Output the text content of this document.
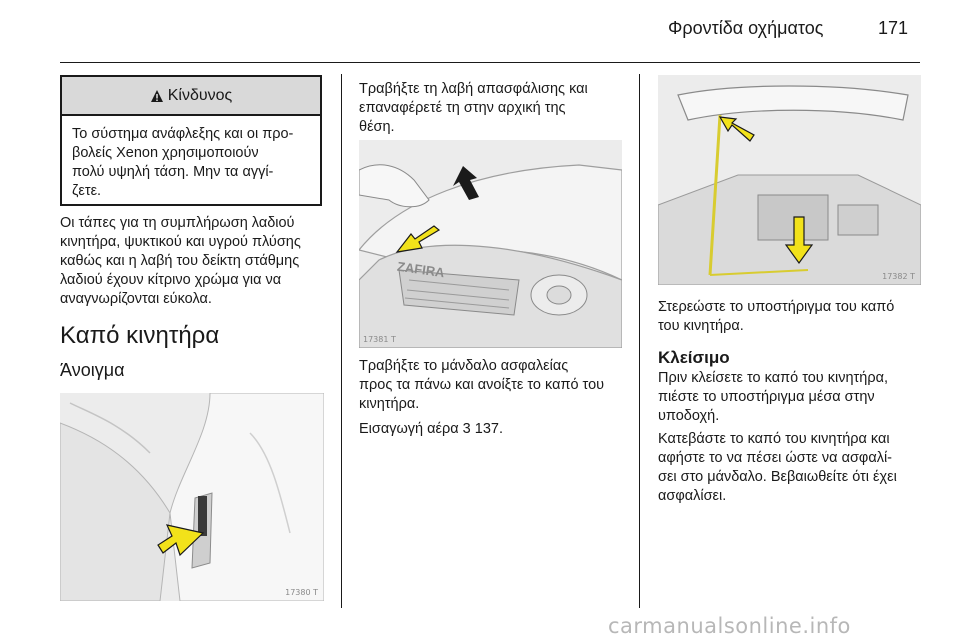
Φροντίδα οχήματος	171
Κίνδυνος
Το σύστημα ανάφλεξης και οι προ-
βολείς Xenon χρησιμοποιούν
πολύ υψηλή τάση. Μην τα αγγί-
ζετε.
Οι τάπες για τη συμπλήρωση λαδιού
κινητήρα, ψυκτικού και υγρού πλύσης
καθώς και η λαβή του δείκτη στάθμης
λαδιού έχουν κίτρινο χρώμα για να
αναγνωρίζονται εύκολα.
Καπό κινητήρα
Άνοιγμα
17380 T
Τραβήξτε τη λαβή απασφάλισης και
επαναφέρετέ τη στην αρχική της
θέση.
ZAFIRA
17381 T
Τραβήξτε το μάνδαλο ασφαλείας
προς τα πάνω και ανοίξτε το καπό του
κινητήρα.
Εισαγωγή αέρα 3 137.
17382 T
Στερεώστε το υποστήριγμα του καπό
του κινητήρα.
Κλείσιμο
Πριν κλείσετε το καπό του κινητήρα,
πιέστε το υποστήριγμα μέσα στην
υποδοχή.
Κατεβάστε το καπό του κινητήρα και
αφήστε το να πέσει ώστε να ασφαλί-
σει στο μάνδαλο. Βεβαιωθείτε ότι έχει
ασφαλίσει.
carmanualsonline.info
